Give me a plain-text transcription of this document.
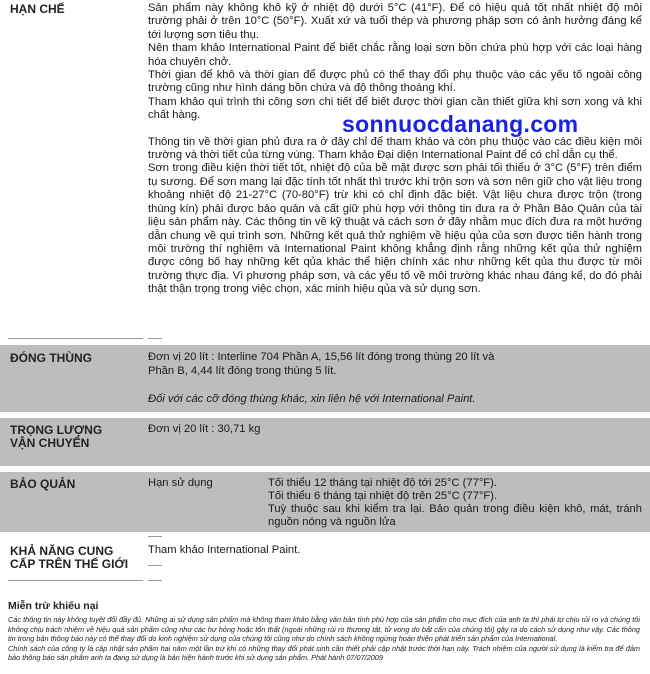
HẠN CHẾ	Sản phẩm này không khô kỹ ở nhiệt độ dưới 5°C (41°F). Để có hiệu quả tốt nhất nhiệt độ môi trường phải ở trên 10°C (50°F). Xuất xứ và tuổi thép và phương pháp sơn có ảnh hưởng đáng kể tới lượng sơn tiêu thụ.

Nên tham khảo International Paint để biết chắc rằng loại sơn bồn chứa phù hợp với các loại hàng hóa chuyên chở.

Thời gian để khô và thời gian để được phủ có thể thay đổi phụ thuộc vào các yếu tố ngoài công trường cũng như hình dáng bồn chứa và độ thông thoáng khí.

Tham khảo qui trình thi công sơn chi tiết để biết được thời gian cần thiết giữa khi sơn xong và khi chất hàng.

Thông tin về thời gian phủ đưa ra ở đây chỉ để tham khảo và còn phụ thuộc vào các điều kiện môi trường và thời tiết của từng vùng. Tham khảo Đại diện International Paint để có chỉ dẫn cụ thể.

Sơn trong điều kiện thời tiết tốt, nhiệt độ của bề mặt được sơn phải tối thiểu ở 3°C (5°F) trên điểm tụ sương. Để sơn mang lại đặc tính tốt nhất thì trước khi trộn sơn và sơn nên giữ cho vật liệu trong khoảng nhiệt độ 21-27°C (70-80°F) trừ khi có chỉ định đặc biệt. Vật liệu chưa được trộn (trong thùng kín) phải được bảo quản và cất giữ phù hợp với thông tin đưa ra ở Phần Bảo Quản của tài liệu sản phẩm này. Các thông tin về kỹ thuật và cách sơn ở đây nhằm mục đích đưa ra một hướng dẫn chung về qui trình sơn. Những kết quả thử nghiệm về hiệu qủa của sơn được tiến hành trong môi trường thí nghiệm và International Paint không khẳng định rằng những kết qủa thử nghiệm được công bố hay những kết qủa khác thể hiện chính xác như những kết qủa thu được từ môi trường thực địa. Vì phương pháp sơn, và các yếu tố về môi trường khác nhau đáng kể, do đó phải thật thận trọng trong việc chọn, xác minh hiệu qủa và sử dụng sơn.

sonnuocdanang.com
ĐÓNG THÙNG	Đơn vị 20 lít : Interline 704 Phần A, 15,56 lít đóng trong thùng 20 lít và
Phần B, 4,44 lít đóng trong thùng 5 lít.
Đối với các cỡ đóng thùng khác, xin liên hệ với International Paint.
TRỌNG LƯỢNG
VẬN CHUYỂN
Đơn vị 20 lít : 30,71 kg
BẢO QUẢN	Hạn sử dụng	Tối thiểu 12 tháng tại nhiệt độ tới 25°C (77°F).
Tối thiểu 6 tháng tại nhiệt độ trên 25°C (77°F).
Tuỳ thuộc sau khi kiểm tra lại. Bảo quản trong điều kiện khô, mát, tránh nguồn nóng và nguồn lửa
KHẢ NĂNG CUNG
CẤP TRÊN THẾ GIỚI
Tham khảo International Paint.
Miễn trừ khiếu nại

Các thông tin này không tuyệt đối đầy đủ. Những ai sử dụng sản phẩm mà không tham khảo bằng văn bản tính phù hợp của sản phẩm cho mục đích của anh ta thì phải tự chịu rủi ro và chúng tôi không chịu trách nhiệm về hiệu quả sản phẩm cũng như các hư hỏng hoặc tổn thất (ngoài những rủi ro thương tật, tử vong do bất cẩn của chúng tôi) gây ra do cách sử dụng như vậy. Các thông tin trong bản thông báo này có thể thay đổi do kinh nghiệm sử dụng của chúng tôi cũng như do chính sách không ngừng hoàn thiện phát triển sản phẩm của International.

Chính sách của công ty là cập nhật sản phẩm hai năm một lần trừ khi có những thay đổi phát sinh cần thiết phải cập nhật trước thời hạn này. Trách nhiệm của người sử dụng là kiểm tra để đảm bảo thông báo sản phẩm anh ta đang sử dụng là bản hiện hành trước khi sử dụng sản phẩm. Phát hành 07/07/2009
